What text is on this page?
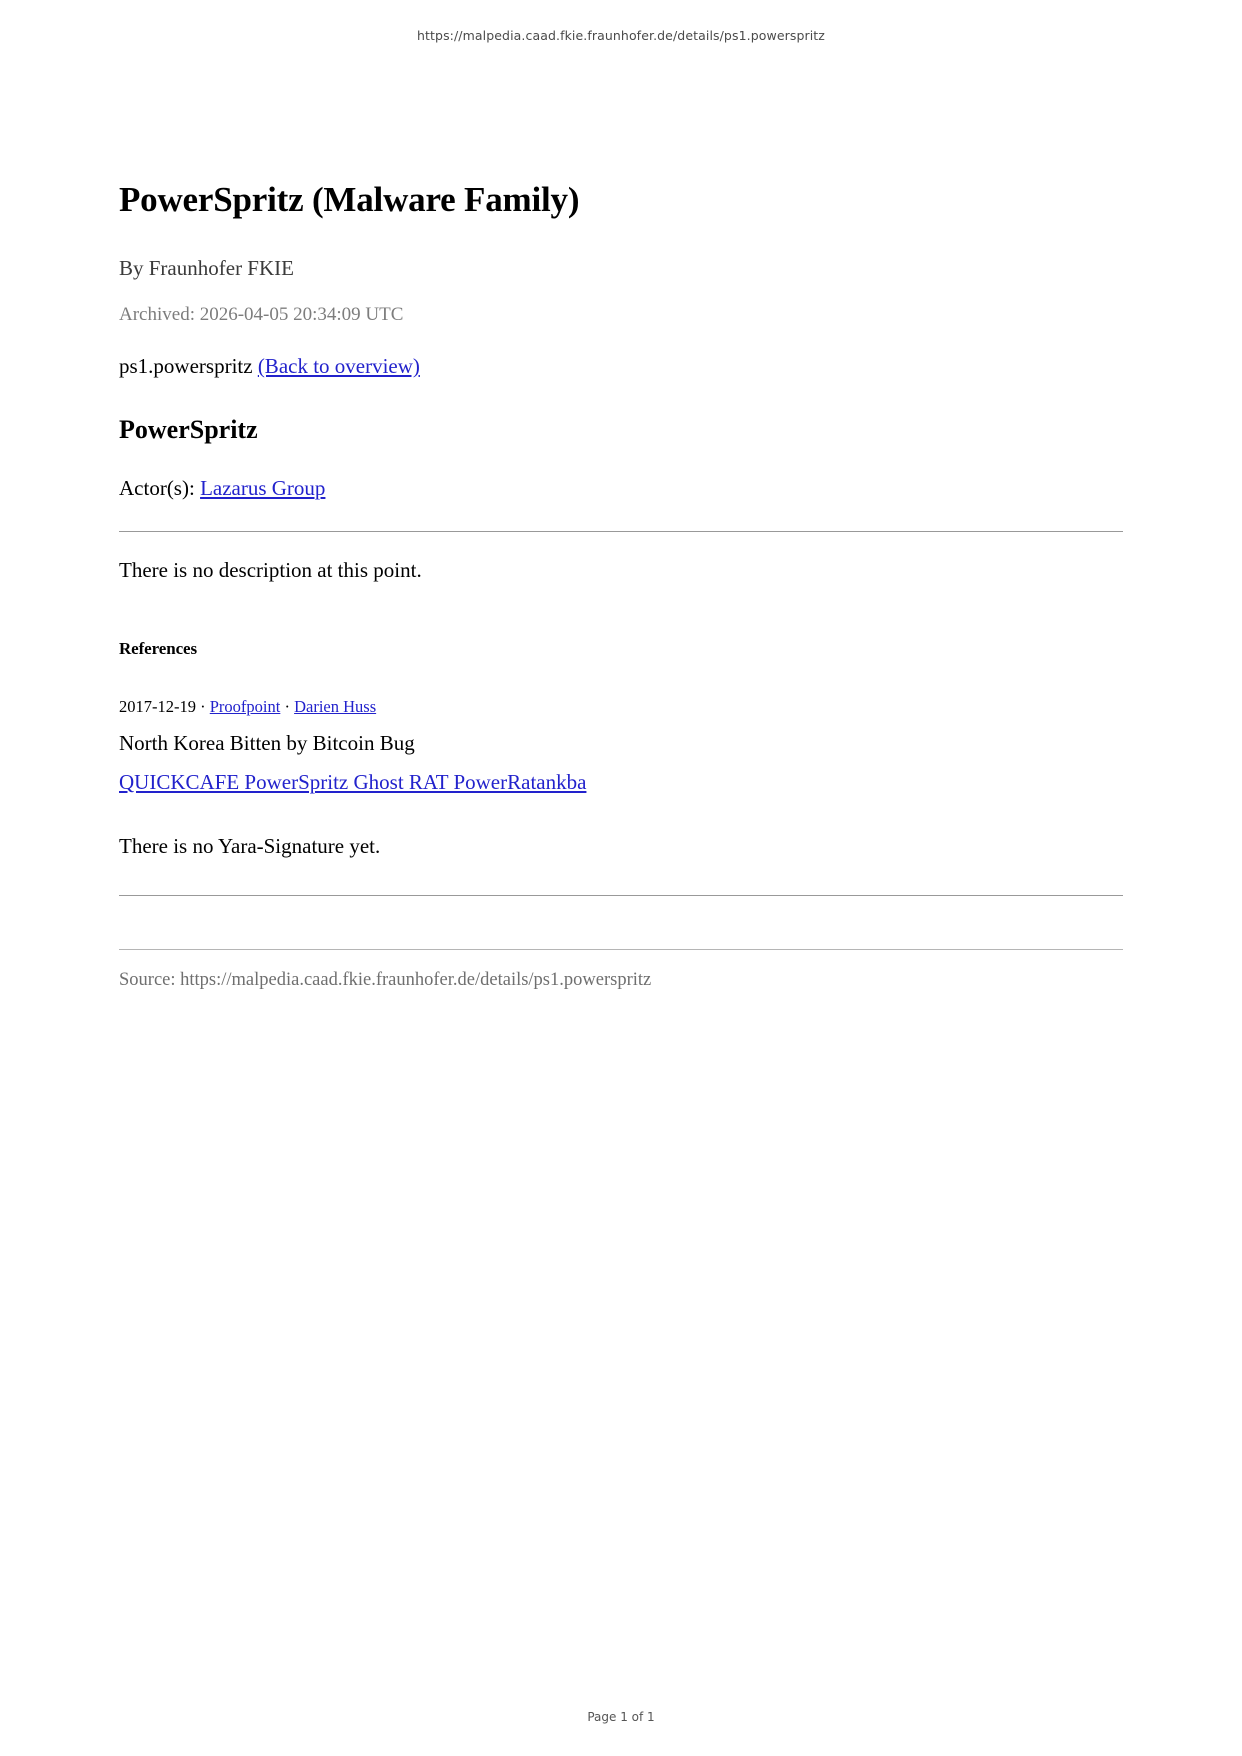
https://malpedia.caad.fkie.fraunhofer.de/details/ps1.powerspritz
PowerSpritz (Malware Family)
By Fraunhofer FKIE
Archived: 2026-04-05 20:34:09 UTC
ps1.powerspritz (Back to overview)
PowerSpritz
Actor(s): Lazarus Group
There is no description at this point.
References
2017-12-19 · Proofpoint · Darien Huss
North Korea Bitten by Bitcoin Bug
QUICKCAFE PowerSpritz Ghost RAT PowerRatankba
There is no Yara-Signature yet.
Source: https://malpedia.caad.fkie.fraunhofer.de/details/ps1.powerspritz
Page 1 of 1
